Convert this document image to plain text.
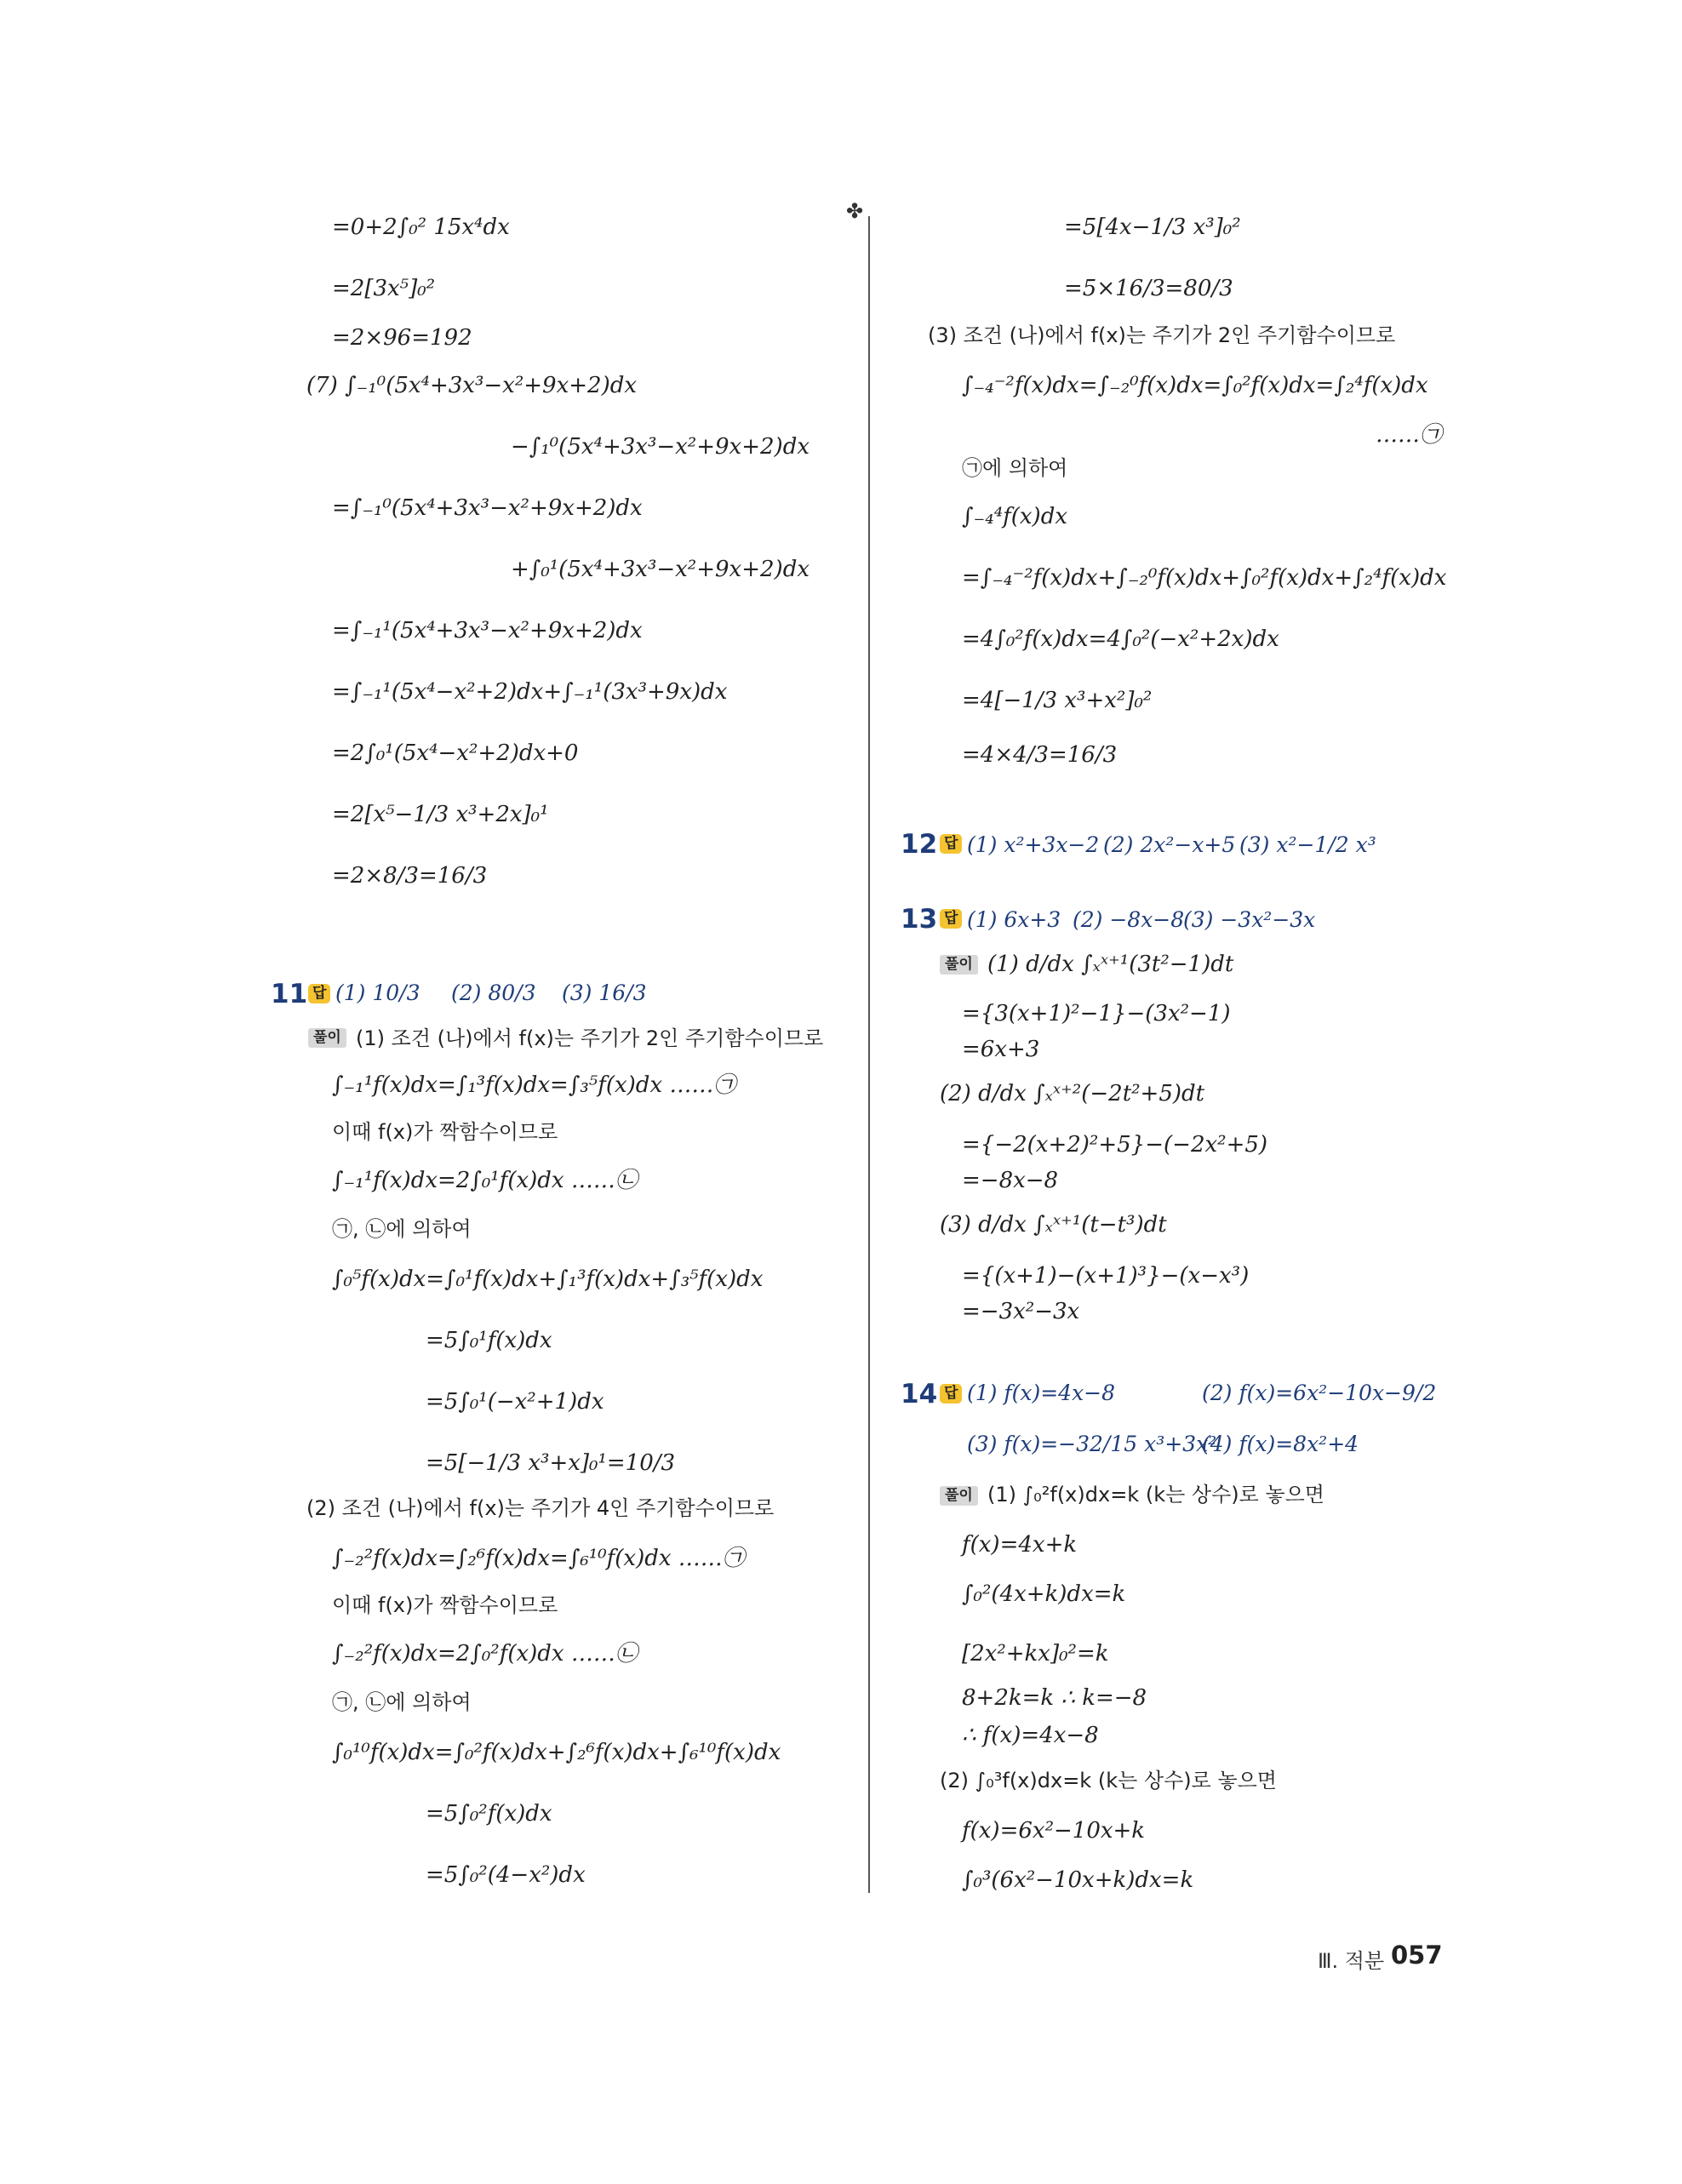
✤
=0+2∫₀² 15x⁴dx
=2[3x⁵]₀²
=2×96=192
(7) ∫₋₁⁰(5x⁴+3x³−x²+9x+2)dx
−∫₁⁰(5x⁴+3x³−x²+9x+2)dx
=∫₋₁⁰(5x⁴+3x³−x²+9x+2)dx
+∫₀¹(5x⁴+3x³−x²+9x+2)dx
=∫₋₁¹(5x⁴+3x³−x²+9x+2)dx
=∫₋₁¹(5x⁴−x²+2)dx+∫₋₁¹(3x³+9x)dx
=2∫₀¹(5x⁴−x²+2)dx+0
=2[x⁵−1/3 x³+2x]₀¹
=2×8/3=16/3
11 답 (1) 10/3 (2) 80/3 (3) 16/3
풀이 (1) 조건 (나)에서 f(x)는 주기가 2인 주기함수이므로
∫₋₁¹f(x)dx=∫₁³f(x)dx=∫₃⁵f(x)dx ……㉠
이때 f(x)가 짝함수이므로
∫₋₁¹f(x)dx=2∫₀¹f(x)dx ……㉡
㉠, ㉡에 의하여
∫₀⁵f(x)dx=∫₀¹f(x)dx+∫₁³f(x)dx+∫₃⁵f(x)dx
=5∫₀¹f(x)dx
=5∫₀¹(−x²+1)dx
=5[−1/3 x³+x]₀¹=10/3
(2) 조건 (나)에서 f(x)는 주기가 4인 주기함수이므로
∫₋₂²f(x)dx=∫₂⁶f(x)dx=∫₆¹⁰f(x)dx ……㉠
이때 f(x)가 짝함수이므로
∫₋₂²f(x)dx=2∫₀²f(x)dx ……㉡
㉠, ㉡에 의하여
∫₀¹⁰f(x)dx=∫₀²f(x)dx+∫₂⁶f(x)dx+∫₆¹⁰f(x)dx
=5∫₀²f(x)dx
=5∫₀²(4−x²)dx
=5[4x−1/3 x³]₀²
=5×16/3=80/3
(3) 조건 (나)에서 f(x)는 주기가 2인 주기함수이므로
∫₋₄⁻²f(x)dx=∫₋₂⁰f(x)dx=∫₀²f(x)dx=∫₂⁴f(x)dx
……㉠
㉠에 의하여
∫₋₄⁴f(x)dx
=∫₋₄⁻²f(x)dx+∫₋₂⁰f(x)dx+∫₀²f(x)dx+∫₂⁴f(x)dx
=4∫₀²f(x)dx=4∫₀²(−x²+2x)dx
=4[−1/3 x³+x²]₀²
=4×4/3=16/3
12 답 (1) x²+3x−2 (2) 2x²−x+5 (3) x²−1/2 x³
13 답 (1) 6x+3 (2) −8x−8
(3) −3x²−3x
풀이 (1) d/dx ∫ₓˣ⁺¹(3t²−1)dt
={3(x+1)²−1}−(3x²−1)
=6x+3
(2) d/dx ∫ₓˣ⁺²(−2t²+5)dt
={−2(x+2)²+5}−(−2x²+5)
=−8x−8
(3) d/dx ∫ₓˣ⁺¹(t−t³)dt
={(x+1)−(x+1)³}−(x−x³)
=−3x²−3x
14 답 (1) f(x)=4x−8	(2) f(x)=6x²−10x−9/2
(3) f(x)=−32/15 x³+3x²
(4) f(x)=8x²+4
풀이 (1) ∫₀²f(x)dx=k (k는 상수)로 놓으면
f(x)=4x+k
∫₀²(4x+k)dx=k
[2x²+kx]₀²=k
8+2k=k ∴ k=−8
∴ f(x)=4x−8
(2) ∫₀³f(x)dx=k (k는 상수)로 놓으면
f(x)=6x²−10x+k
∫₀³(6x²−10x+k)dx=k
Ⅲ. 적분 057
